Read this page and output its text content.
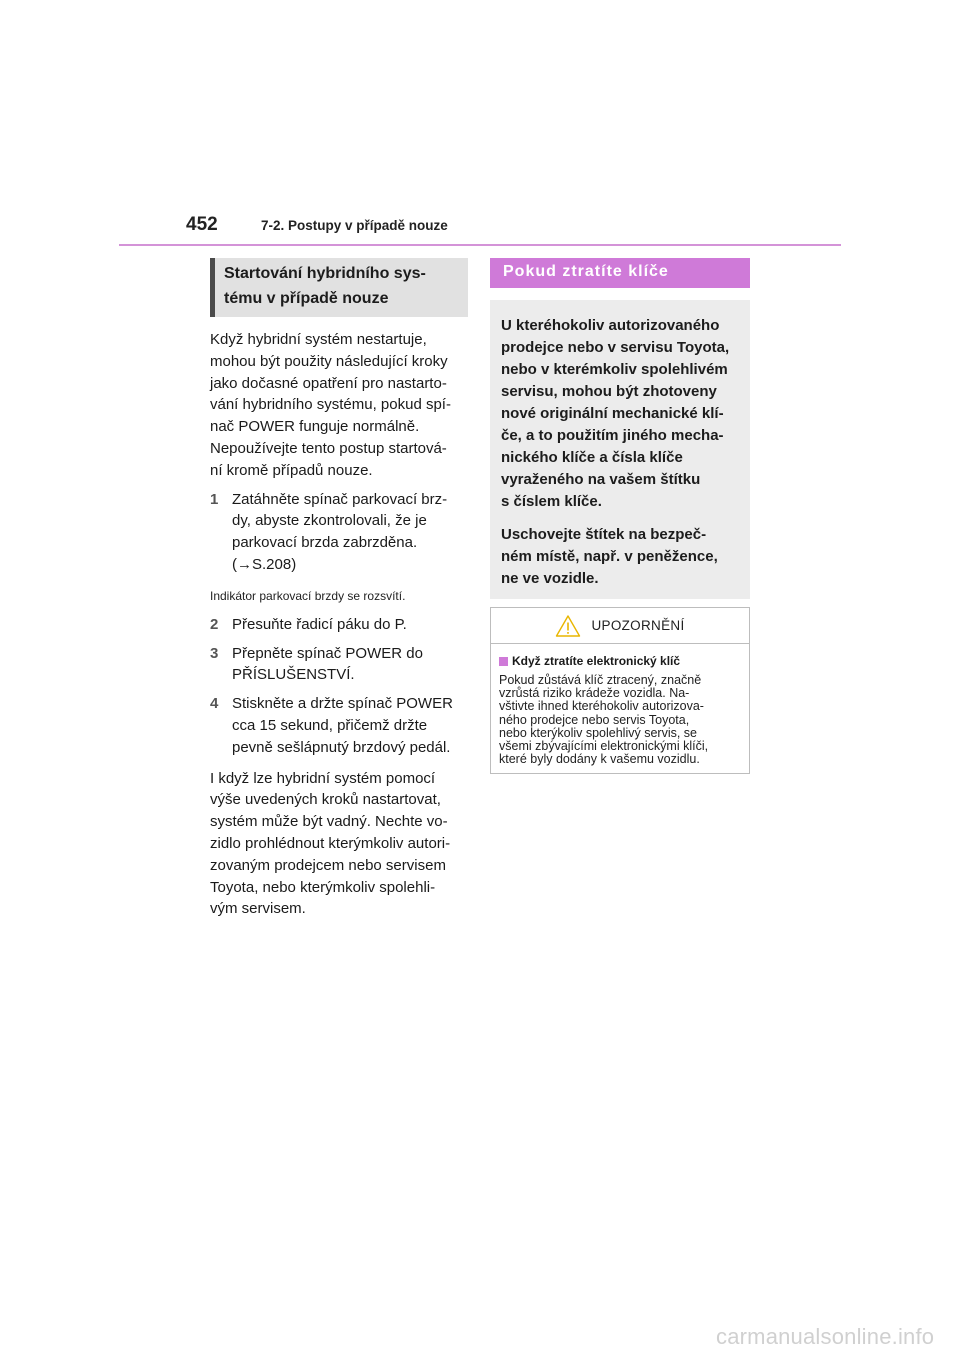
452	7-2. Postupy v případě nouze
Startování hybridního sys-
tému v případě nouze
Když hybridní systém nestartuje,
mohou být použity následující kroky
jako dočasné opatření pro nastarto-
vání hybridního systému, pokud spí-
nač POWER funguje normálně.
Nepoužívejte tento postup startová-
ní kromě případů nouze.
1 Zatáhněte spínač parkovací brz-
dy, abyste zkontrolovali, že je
parkovací brzda zabrzděna.
(→S.208)
Indikátor parkovací brzdy se rozsvítí.
2 Přesuňte řadicí páku do P.
3 Přepněte spínač POWER do
PŘÍSLUŠENSTVÍ.
4 Stiskněte a držte spínač POWER
cca 15 sekund, přičemž držte
pevně sešlápnutý brzdový pedál.
I když lze hybridní systém pomocí
výše uvedených kroků nastartovat,
systém může být vadný. Nechte vo-
zidlo prohlédnout kterýmkoliv autori-
zovaným prodejcem nebo servisem
Toyota, nebo kterýmkoliv spolehli-
vým servisem.
Pokud ztratíte klíče

U kteréhokoliv autorizovaného
prodejce nebo v servisu Toyota,
nebo v kterémkoliv spolehlivém
servisu, mohou být zhotoveny
nové originální mechanické klí-
če, a to použitím jiného mecha-
nického klíče a čísla klíče
vyraženého na vašem štítku
s číslem klíče.

Uschovejte štítek na bezpeč-
ném místě, např. v peněžence,
ne ve vozidle.

UPOZORNĚNÍ
Když ztratíte elektronický klíč
Pokud zůstává klíč ztracený, značně
vzrůstá riziko krádeže vozidla. Na-
vštivte ihned kteréhokoliv autorizova-
ného prodejce nebo servis Toyota,
nebo kterýkoliv spolehlivý servis, se
všemi zbývajícími elektronickými klíči,
které byly dodány k vašemu vozidlu.
carmanualsonline.info
